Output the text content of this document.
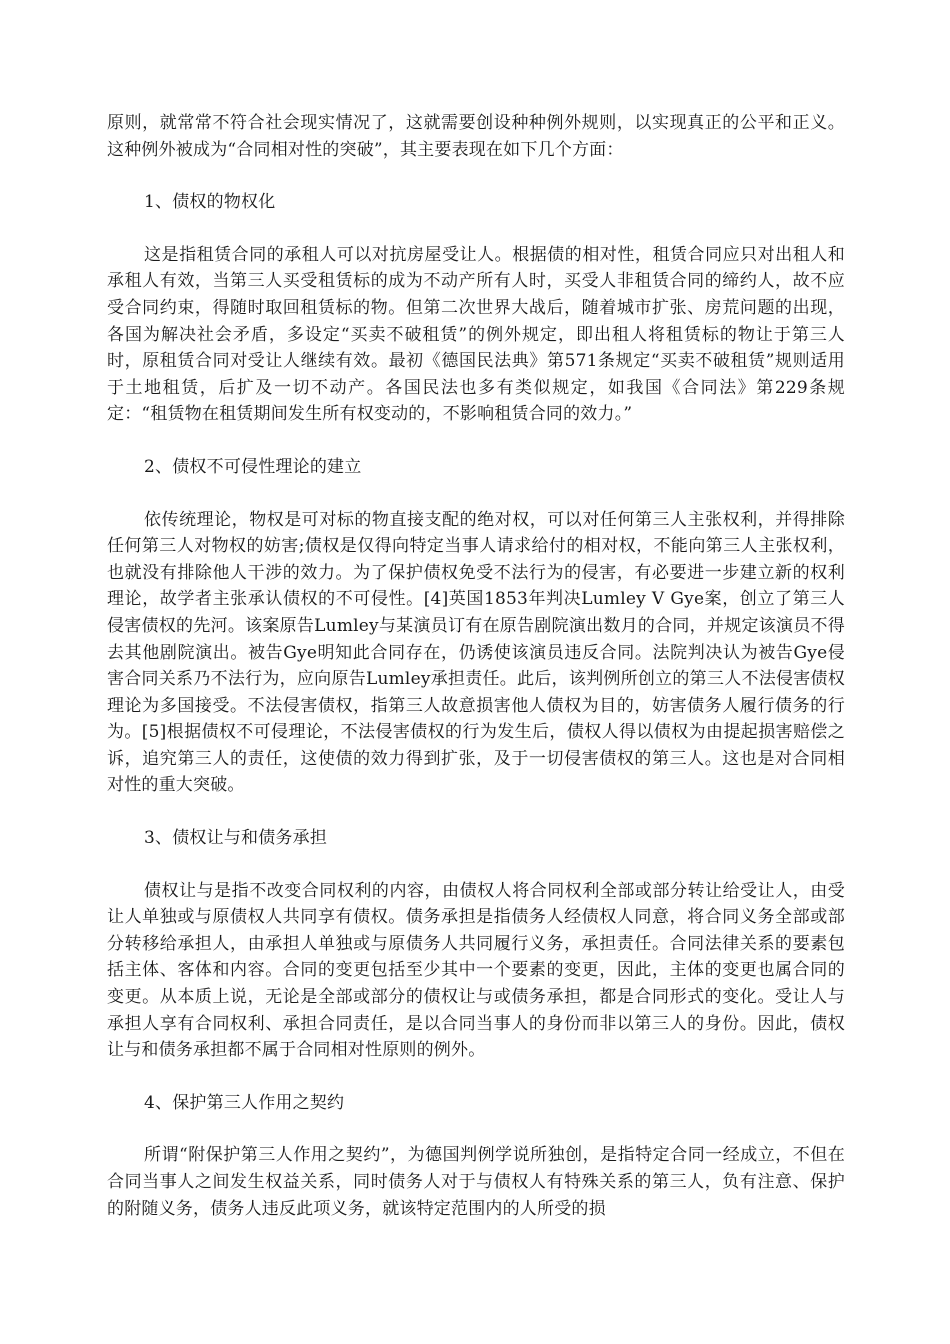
原则，就常常不符合社会现实情况了，这就需要创设种种例外规则，以实现真正的公平和正义。这种例外被成为“合同相对性的突破”，其主要表现在如下几个方面：

1、债权的物权化

这是指租赁合同的承租人可以对抗房屋受让人。根据债的相对性，租赁合同应只对出租人和承租人有效，当第三人买受租赁标的成为不动产所有人时，买受人非租赁合同的缔约人，故不应受合同约束，得随时取回租赁标的物。但第二次世界大战后，随着城市扩张、房荒问题的出现，各国为解决社会矛盾，多设定“买卖不破租赁”的例外规定，即出租人将租赁标的物让于第三人时，原租赁合同对受让人继续有效。最初《德国民法典》第571条规定“买卖不破租赁”规则适用于土地租赁，后扩及一切不动产。各国民法也多有类似规定，如我国《合同法》第229条规定：“租赁物在租赁期间发生所有权变动的，不影响租赁合同的效力。”

2、债权不可侵性理论的建立

依传统理论，物权是可对标的物直接支配的绝对权，可以对任何第三人主张权利，并得排除任何第三人对物权的妨害;债权是仅得向特定当事人请求给付的相对权，不能向第三人主张权利，也就没有排除他人干涉的效力。为了保护债权免受不法行为的侵害，有必要进一步建立新的权利理论，故学者主张承认债权的不可侵性。[4]英国1853年判决Lumley V Gye案，创立了第三人侵害债权的先河。该案原告Lumley与某演员订有在原告剧院演出数月的合同，并规定该演员不得去其他剧院演出。被告Gye明知此合同存在，仍诱使该演员违反合同。法院判决认为被告Gye侵害合同关系乃不法行为，应向原告Lumley承担责任。此后，该判例所创立的第三人不法侵害债权理论为多国接受。不法侵害债权，指第三人故意损害他人债权为目的，妨害债务人履行债务的行为。[5]根据债权不可侵理论，不法侵害债权的行为发生后，债权人得以债权为由提起损害赔偿之诉，追究第三人的责任，这使债的效力得到扩张，及于一切侵害债权的第三人。这也是对合同相对性的重大突破。

3、债权让与和债务承担

债权让与是指不改变合同权利的内容，由债权人将合同权利全部或部分转让给受让人，由受让人单独或与原债权人共同享有债权。债务承担是指债务人经债权人同意，将合同义务全部或部分转移给承担人，由承担人单独或与原债务人共同履行义务，承担责任。合同法律关系的要素包括主体、客体和内容。合同的变更包括至少其中一个要素的变更，因此，主体的变更也属合同的变更。从本质上说，无论是全部或部分的债权让与或债务承担，都是合同形式的变化。受让人与承担人享有合同权利、承担合同责任，是以合同当事人的身份而非以第三人的身份。因此，债权让与和债务承担都不属于合同相对性原则的例外。

4、保护第三人作用之契约

所谓“附保护第三人作用之契约”，为德国判例学说所独创，是指特定合同一经成立，不但在合同当事人之间发生权益关系，同时债务人对于与债权人有特殊关系的第三人，负有注意、保护的附随义务，债务人违反此项义务，就该特定范围内的人所受的损
